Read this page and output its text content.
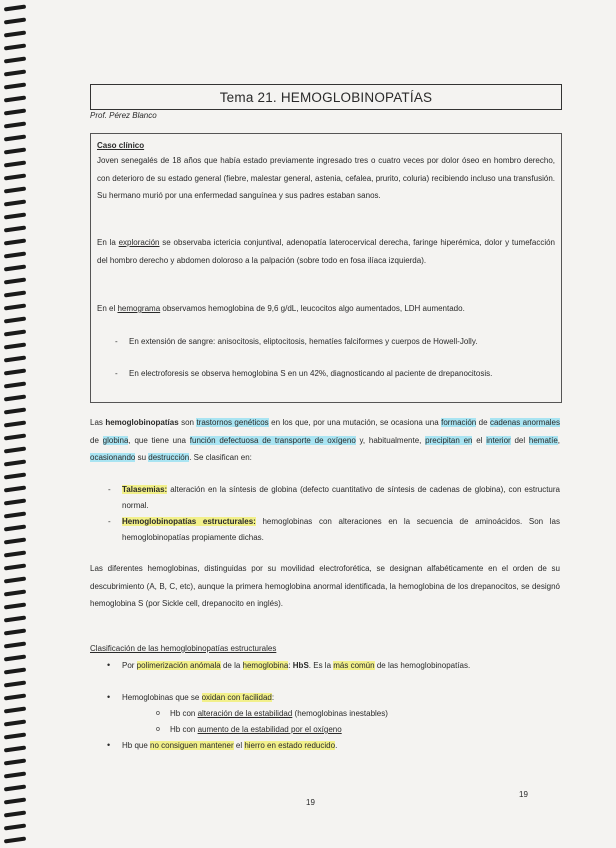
Tema 21. HEMOGLOBINOPATÍAS
Prof. Pérez Blanco
Caso clínico
Joven senegalés de 18 años que había estado previamente ingresado tres o cuatro veces por dolor óseo en hombro derecho, con deterioro de su estado general (fiebre, malestar general, astenia, cefalea, prurito, coluria) recibiendo incluso una transfusión. Su hermano murió por una enfermedad sanguínea y sus padres estaban sanos.
En la exploración se observaba ictericia conjuntival, adenopatía laterocervical derecha, faringe hiperémica, dolor y tumefacción del hombro derecho y abdomen doloroso a la palpación (sobre todo en fosa ilíaca izquierda).
En el hemograma observamos hemoglobina de 9,6 g/dL, leucocitos algo aumentados, LDH aumentado.
- En extensión de sangre: anisocitosis, eliptocitosis, hematíes falciformes y cuerpos de Howell-Jolly.
- En electroforesis se observa hemoglobina S en un 42%, diagnosticando al paciente de drepanocitosis.
Las hemoglobinopatías son trastornos genéticos en los que, por una mutación, se ocasiona una formación de cadenas anormales de globina, que tiene una función defectuosa de transporte de oxígeno y, habitualmente, precipitan en el interior del hematíe, ocasionando su destrucción. Se clasifican en:
- Talasemias: alteración en la síntesis de globina (defecto cuantitativo de síntesis de cadenas de globina), con estructura normal.
- Hemoglobinopatías estructurales: hemoglobinas con alteraciones en la secuencia de aminoácidos. Son las hemoglobinopatías propiamente dichas.
Las diferentes hemoglobinas, distinguidas por su movilidad electroforética, se designan alfabéticamente en el orden de su descubrimiento (A, B, C, etc), aunque la primera hemoglobina anormal identificada, la hemoglobina de los drepanocitos, se designó hemoglobina S (por Sickle cell, drepanocito en inglés).
Clasificación de las hemoglobinopatías estructurales
• Por polimerización anómala de la hemoglobina: HbS. Es la más común de las hemoglobinopatías.
• Hemoglobinas que se oxidan con facilidad:
o Hb con alteración de la estabilidad (hemoglobinas inestables)
o Hb con aumento de la estabilidad por el oxígeno
• Hb que no consiguen mantener el hierro en estado reducido.
19
19
